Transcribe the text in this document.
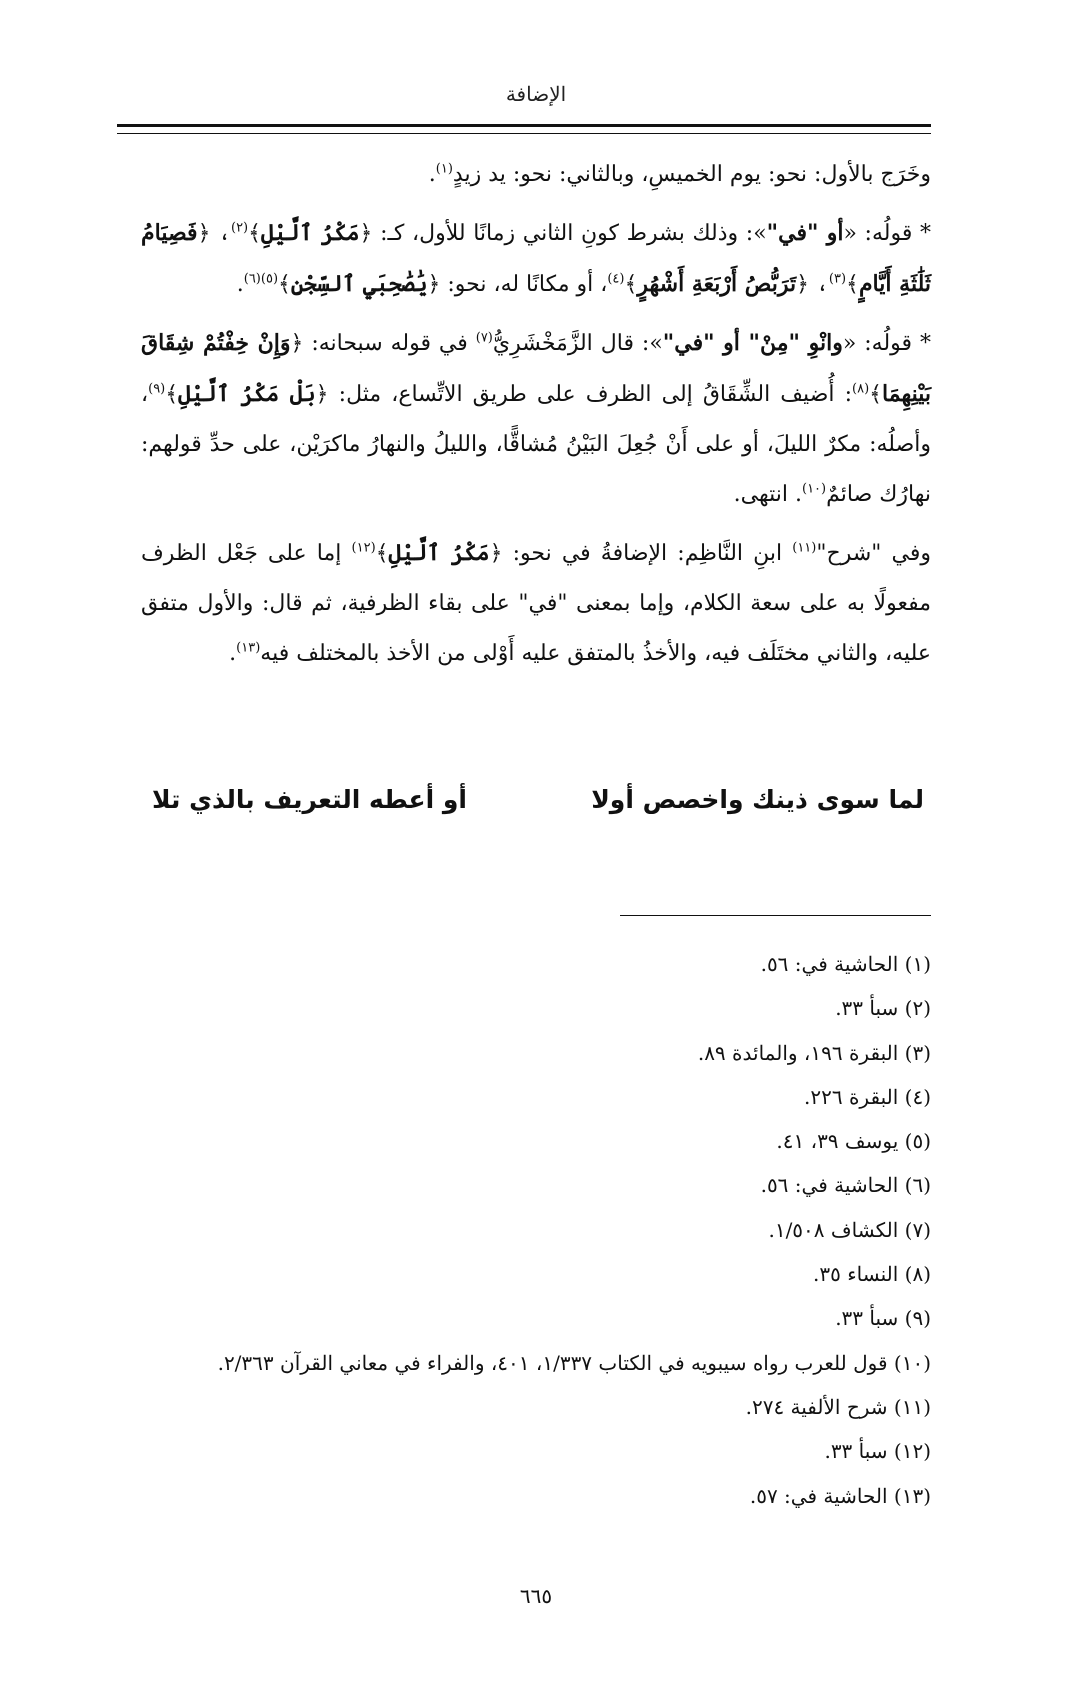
الإضافة

وخَرَج بالأول: نحو: يوم الخميسِ، وبالثاني: نحو: يد زيدٍ$^{(١)}$.

* قولُه: «أو "في"»: وذلك بشرط كونِ الثاني زمانًا للأول، كـ: ﴿مَكْرُ ٱلَّيْلِ﴾$^{(٢)}$، ﴿فَصِيَامُ ثَلَٰثَةِ أَيَّامٍ﴾$^{(٣)}$، ﴿تَرَبُّصُ أَرْبَعَةِ أَشْهُرٍ﴾$^{(٤)}$، أو مكانًا له، نحو: ﴿يَٰصَٰحِبَيِ ٱلسِّجْنِ﴾$^{(٥)(٦)}$.

* قولُه: «وانْوِ "مِنْ" أو "في"»: قال الزَّمَخْشَرِيُّ$^{(٧)}$ في قوله سبحانه: ﴿وَإِنْ خِفْتُمْ شِقَاقَ بَيْنِهِمَا﴾$^{(٨)}$: أُضيف الشِّقَاقُ إلى الظرف على طريق الاتِّساع، مثل: ﴿بَلْ مَكْرُ ٱلَّيْلِ﴾$^{(٩)}$، وأصلُه: مكرٌ الليلَ، أو على أَنْ جُعِلَ البَيْنُ مُشاقًّا، والليلُ والنهارُ ماكرَيْن، على حدِّ قولهم: نهارُك صائمٌ$^{(١٠)}$. انتهى.

وفي "شرح"$^{(١١)}$ ابنِ النَّاظِم: الإضافةُ في نحو: ﴿مَكْرُ ٱلَّيْلِ﴾$^{(١٢)}$ إما على جَعْل الظرف مفعولًا به على سعة الكلام، وإما بمعنى "في" على بقاء الظرفية، ثم قال: والأول متفق عليه، والثاني مختَلَف فيه، والأخذُ بالمتفق عليه أَوْلى من الأخذ بالمختلف فيه$^{(١٣)}$.

لما سوى ذينك واخصص أولا
أو أعطه التعريف بالذي تلا
(١) الحاشية في: ٥٦.
(٢) سبأ ٣٣.
(٣) البقرة ١٩٦، والمائدة ٨٩.
(٤) البقرة ٢٢٦.
(٥) يوسف ٣٩، ٤١.
(٦) الحاشية في: ٥٦.
(٧) الكشاف ١/٥٠٨.
(٨) النساء ٣٥.
(٩) سبأ ٣٣.
(١٠) قول للعرب رواه سيبويه في الكتاب ١/٣٣٧، ٤٠١، والفراء في معاني القرآن ٢/٣٦٣.
(١١) شرح الألفية ٢٧٤.
(١٢) سبأ ٣٣.
(١٣) الحاشية في: ٥٧.
٦٦٥
